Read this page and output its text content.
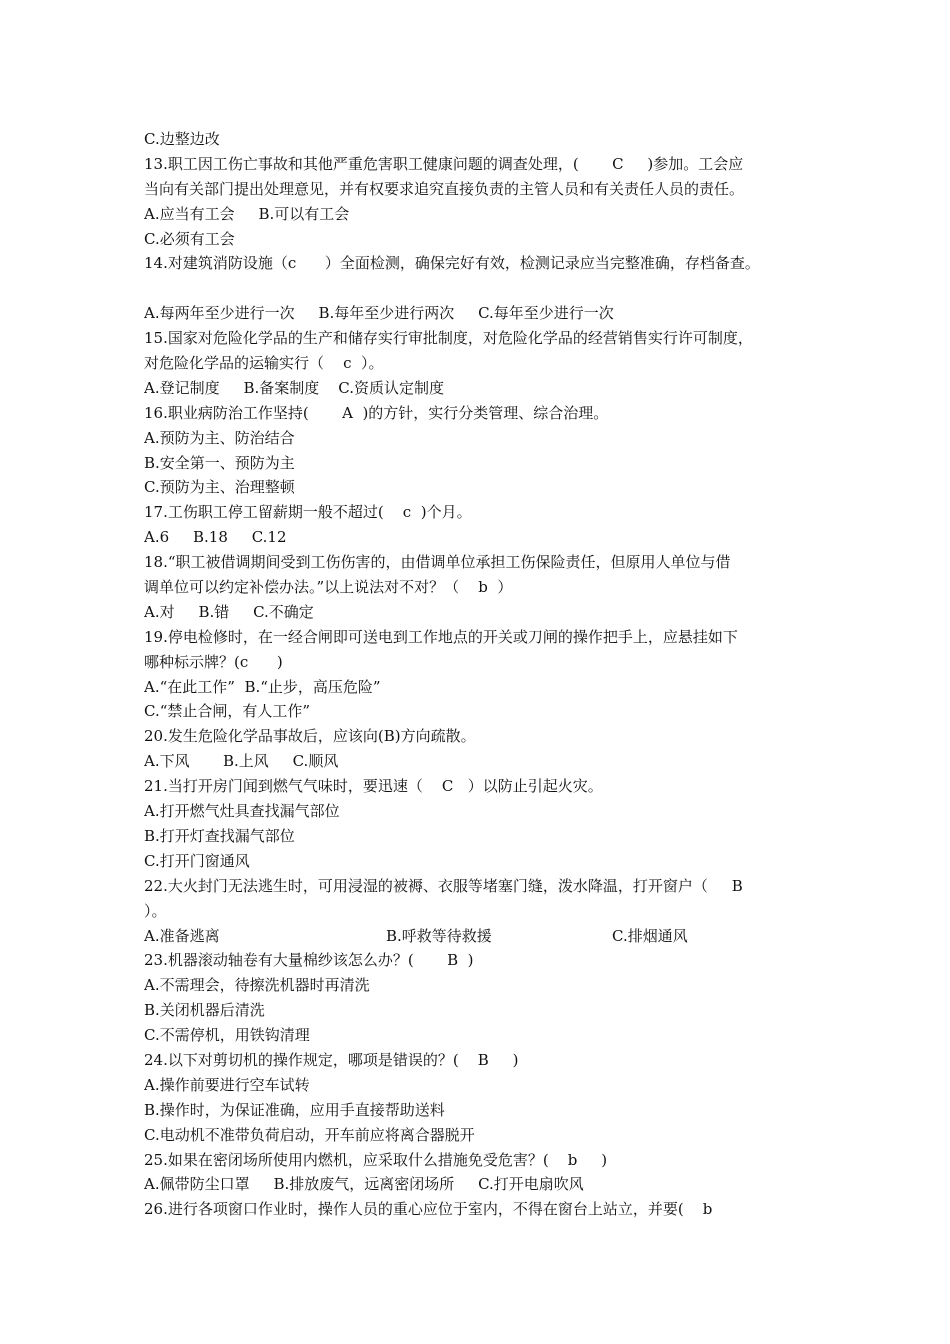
C.边整边改
13.职工因工伤亡事故和其他严重危害职工健康问题的调查处理，(       C     )参加。工会应
当向有关部门提出处理意见，并有权要求追究直接负责的主管人员和有关责任人员的责任。
A.应当有工会     B.可以有工会
C.必须有工会
14.对建筑消防设施（c      ）全面检测，确保完好有效，检测记录应当完整准确，存档备查。
A.每两年至少进行一次     B.每年至少进行两次     C.每年至少进行一次
15.国家对危险化学品的生产和储存实行审批制度，对危险化学品的经营销售实行许可制度，
对危险化学品的运输实行（    c  ）。
A.登记制度     B.备案制度    C.资质认定制度
16.职业病防治工作坚持(       A  )的方针，实行分类管理、综合治理。
A.预防为主、防治结合
B.安全第一、预防为主
C.预防为主、治理整顿
17.工伤职工停工留薪期一般不超过(    c  )个月。
A.6     B.18     C.12
18.“职工被借调期间受到工伤伤害的，由借调单位承担工伤保险责任，但原用人单位与借
调单位可以约定补偿办法。”以上说法对不对？（    b  ）
A.对     B.错     C.不确定
19.停电检修时，在一经合闸即可送电到工作地点的开关或刀闸的操作把手上，应悬挂如下
哪种标示牌？(c      )
A.“在此工作”  B.“止步，高压危险”
C.“禁止合闸，有人工作”
20.发生危险化学品事故后，应该向(B)方向疏散。
A.下风       B.上风     C.顺风
21.当打开房门闻到燃气气味时，要迅速（    C   ）以防止引起火灾。
A.打开燃气灶具查找漏气部位
B.打开灯查找漏气部位
C.打开门窗通风
22.大火封门无法逃生时，可用浸湿的被褥、衣服等堵塞门缝，泼水降温，打开窗户（     B
）。
A.准备逃离	B.呼救等待救援	C.排烟通风
23.机器滚动轴卷有大量棉纱该怎么办？(       B  )
A.不需理会，待擦洗机器时再清洗
B.关闭机器后清洗
C.不需停机，用铁钩清理
24.以下对剪切机的操作规定，哪项是错误的？(    B     )
A.操作前要进行空车试转
B.操作时，为保证准确，应用手直接帮助送料
C.电动机不准带负荷启动，开车前应将离合器脱开
25.如果在密闭场所使用内燃机，应采取什么措施免受危害？(    b     )
A.佩带防尘口罩     B.排放废气，远离密闭场所     C.打开电扇吹风
26.进行各项窗口作业时，操作人员的重心应位于室内，不得在窗台上站立，并要(    b
